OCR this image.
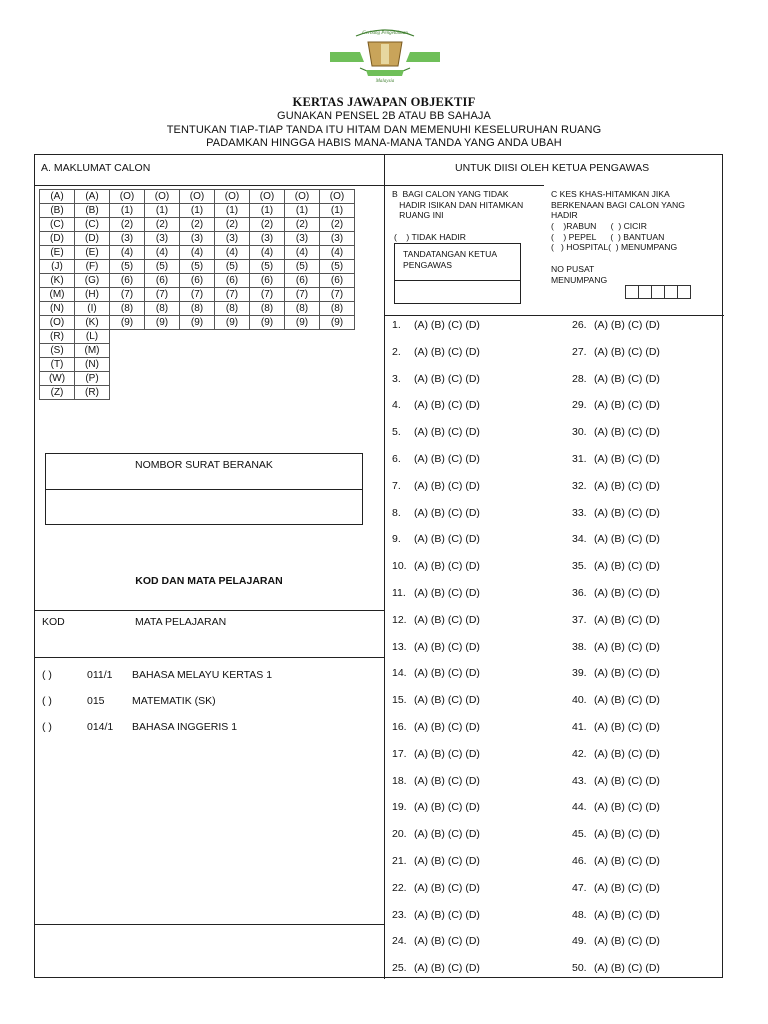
Gerbang Pengetahuan
Malaysia
KERTAS JAWAPAN OBJEKTIF
GUNAKAN PENSEL 2B ATAU BB SAHAJA
TENTUKAN TIAP-TIAP TANDA ITU HITAM DAN MEMENUHI KESELURUHAN RUANG
PADAMKAN HINGGA HABIS MANA-MANA TANDA YANG ANDA UBAH
A. MAKLUMAT CALON	UNTUK DIISI OLEH KETUA PENGAWAS
(A)	(A)	(O)	(O)	(O)	(O)	(O)	(O)	(O)
(B)	(B)	(1)	(1)	(1)	(1)	(1)	(1)	(1)
(C)	(C)	(2)	(2)	(2)	(2)	(2)	(2)	(2)
(D)	(D)	(3)	(3)	(3)	(3)	(3)	(3)	(3)
(E)	(E)	(4)	(4)	(4)	(4)	(4)	(4)	(4)
(J)	(F)	(5)	(5)	(5)	(5)	(5)	(5)	(5)
(K)	(G)	(6)	(6)	(6)	(6)	(6)	(6)	(6)
(M)	(H)	(7)	(7)	(7)	(7)	(7)	(7)	(7)
(N)	(I)	(8)	(8)	(8)	(8)	(8)	(8)	(8)
(O)	(K)	(9)	(9)	(9)	(9)	(9)	(9)	(9)
(R)	(L)							
(S)	(M)							
(T)	(N)							
(W)	(P)							
(Z)	(R)							
NOMBOR SURAT BERANAK
KOD DAN MATA PELAJARAN
KOD	MATA PELAJARAN
( )	011/1 BAHASA MELAYU KERTAS 1
( )	015	MATEMATIK (SK)
( )	014/1 BAHASA INGGERIS 1
B  BAGI CALON YANG TIDAK
HADIR ISIKAN DAN HITAMKAN
RUANG INI
(    ) TIDAK HADIR
TANDATANGAN KETUA
PENGAWAS
C KES KHAS-HITAMKAN JIKA
BERKENAAN BAGI CALON YANG
HADIR
(    )RABUN      (  ) CICIR
(    ) PEPEL      (  ) BANTUAN
(   ) HOSPITAL(  ) MENUMPANG
NO PUSAT
MENUMPANG
1. (A) (B) (C) (D)
2. (A) (B) (C) (D)
3. (A) (B) (C) (D)
4. (A) (B) (C) (D)
5. (A) (B) (C) (D)
6. (A) (B) (C) (D)
7. (A) (B) (C) (D)
8. (A) (B) (C) (D)
9. (A) (B) (C) (D)
10. (A) (B) (C) (D)
11. (A) (B) (C) (D)
12. (A) (B) (C) (D)
13. (A) (B) (C) (D)
14. (A) (B) (C) (D)
15. (A) (B) (C) (D)
16. (A) (B) (C) (D)
17. (A) (B) (C) (D)
18. (A) (B) (C) (D)
19. (A) (B) (C) (D)
20. (A) (B) (C) (D)
21. (A) (B) (C) (D)
22. (A) (B) (C) (D)
23. (A) (B) (C) (D)
24. (A) (B) (C) (D)
25. (A) (B) (C) (D)
26. (A) (B) (C) (D)
27. (A) (B) (C) (D)
28. (A) (B) (C) (D)
29. (A) (B) (C) (D)
30. (A) (B) (C) (D)
31. (A) (B) (C) (D)
32. (A) (B) (C) (D)
33. (A) (B) (C) (D)
34. (A) (B) (C) (D)
35. (A) (B) (C) (D)
36. (A) (B) (C) (D)
37. (A) (B) (C) (D)
38. (A) (B) (C) (D)
39. (A) (B) (C) (D)
40. (A) (B) (C) (D)
41. (A) (B) (C) (D)
42. (A) (B) (C) (D)
43. (A) (B) (C) (D)
44. (A) (B) (C) (D)
45. (A) (B) (C) (D)
46. (A) (B) (C) (D)
47. (A) (B) (C) (D)
48. (A) (B) (C) (D)
49. (A) (B) (C) (D)
50. (A) (B) (C) (D)
